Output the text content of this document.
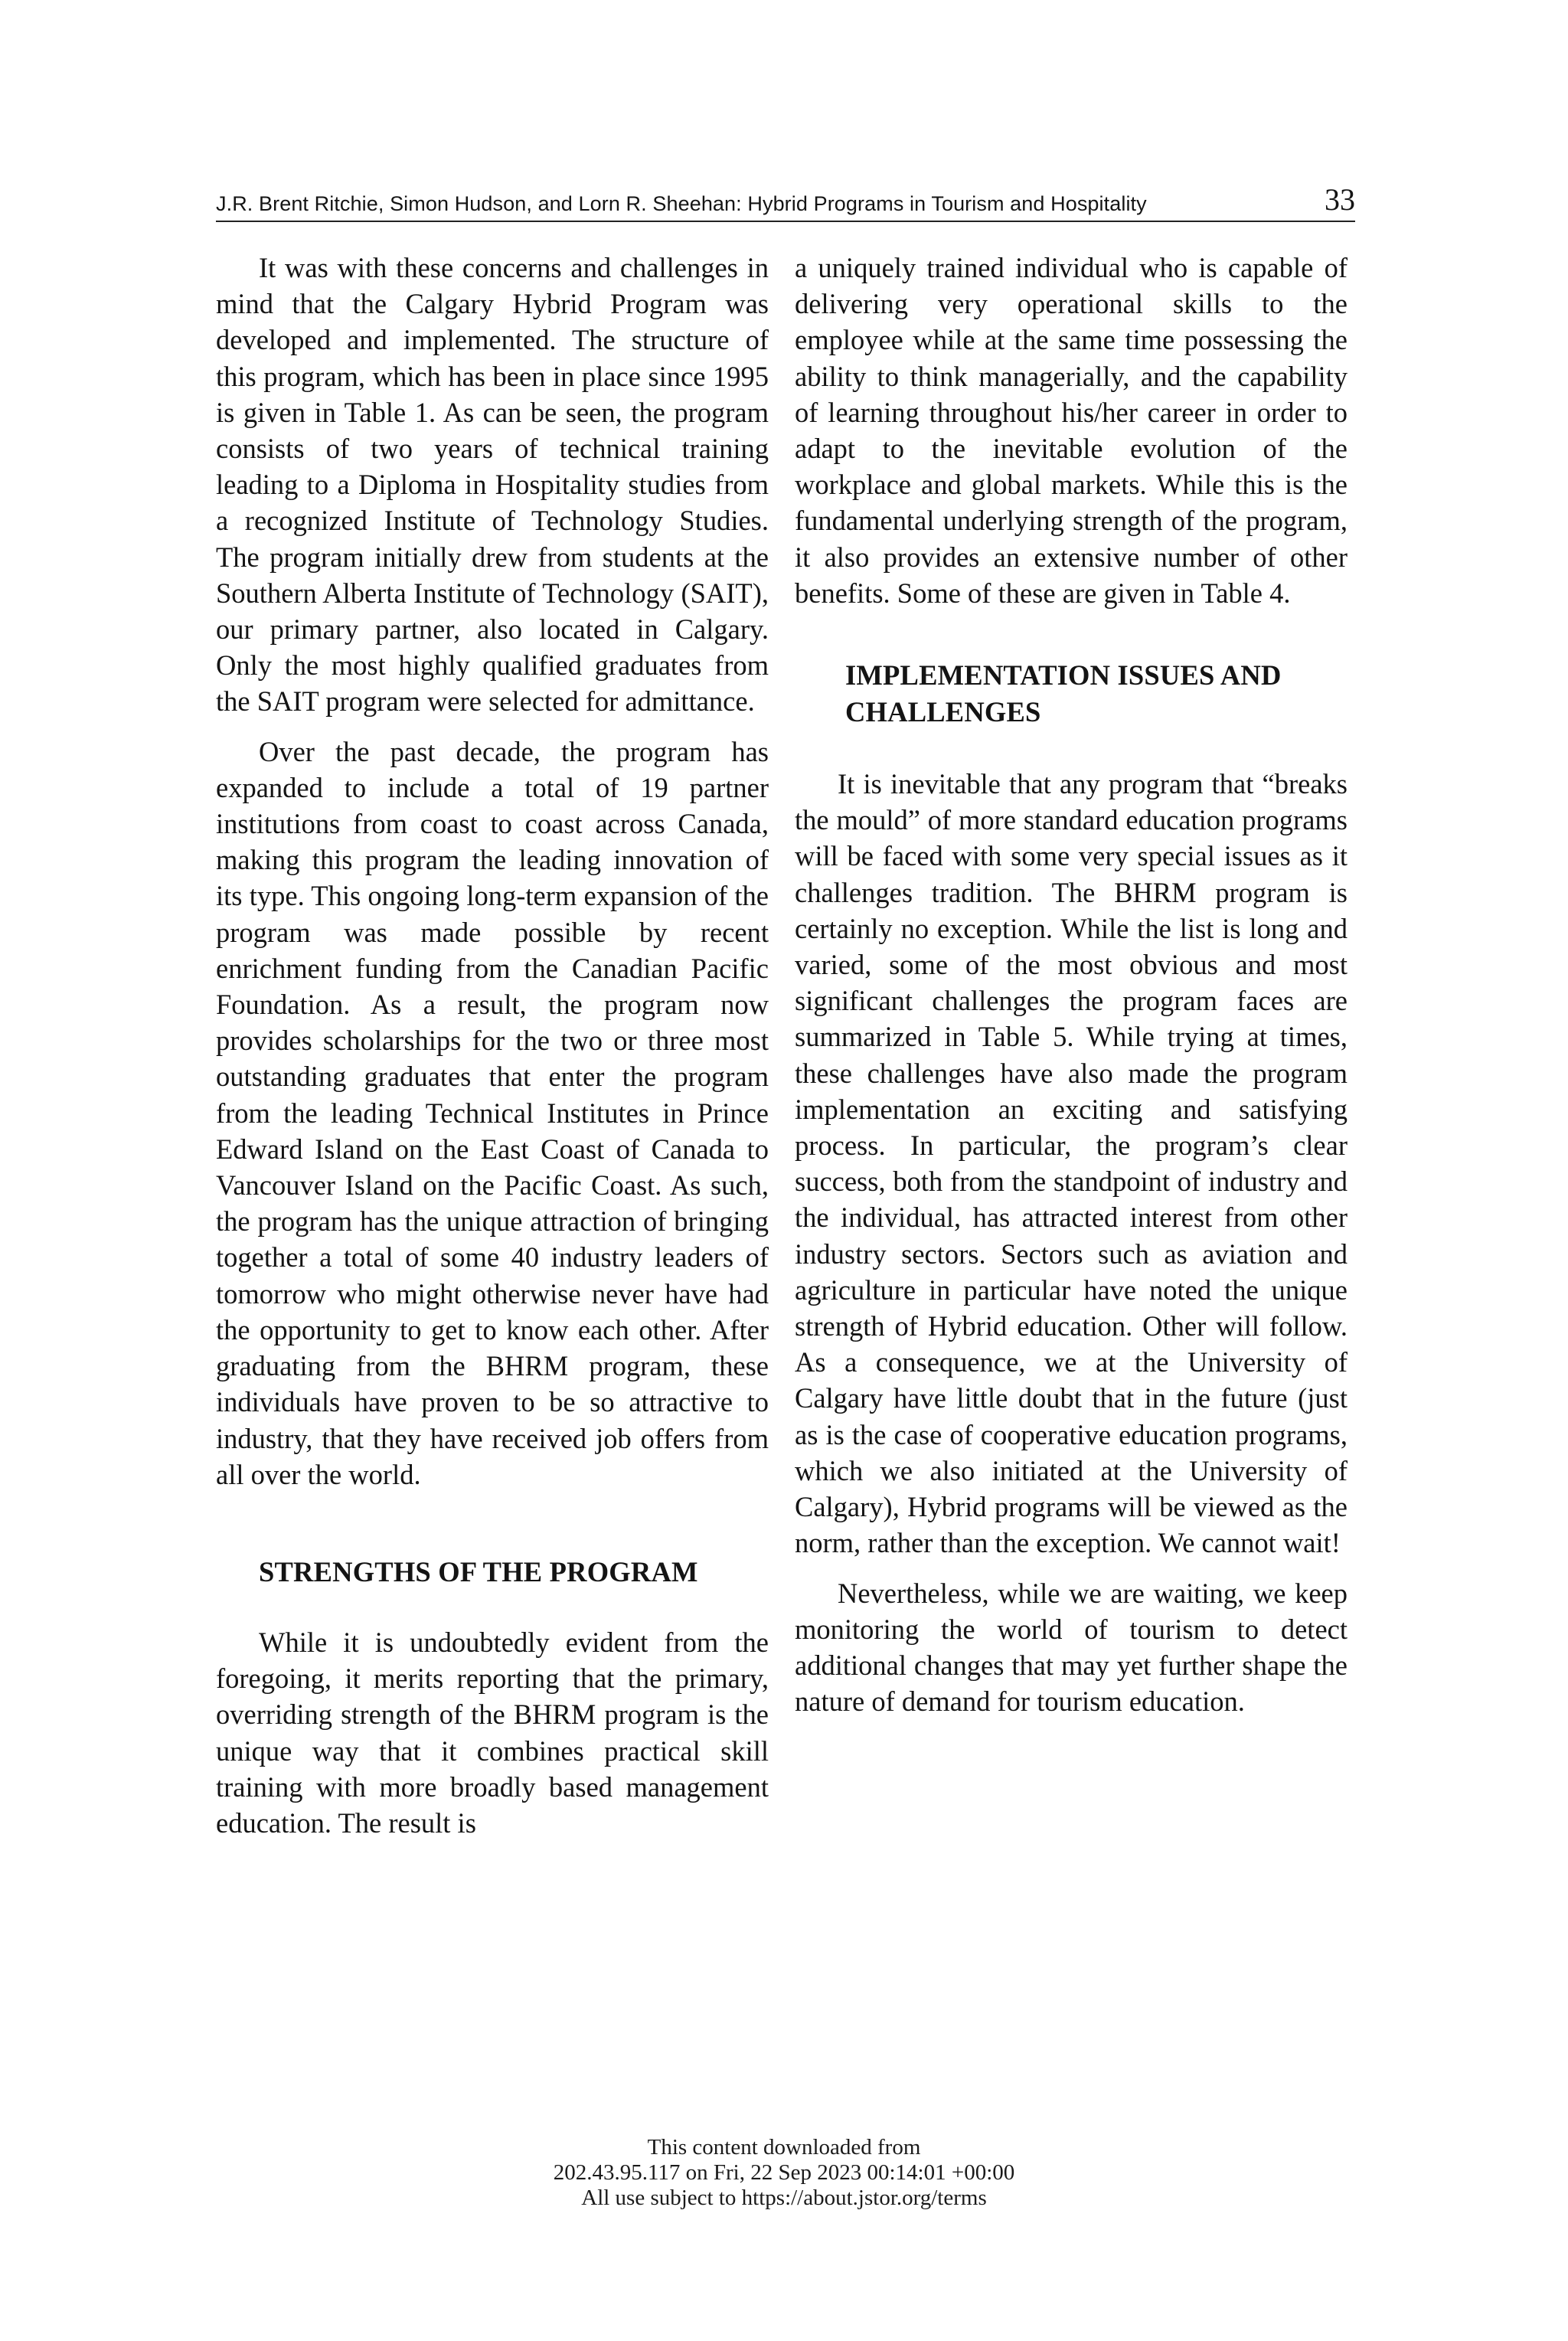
J.R. Brent Ritchie, Simon Hudson, and Lorn R. Sheehan: Hybrid Programs in Tourism and Hospitality	33

It was with these concerns and challenges in mind that the Calgary Hybrid Program was developed and implemented. The structure of this program, which has been in place since 1995 is given in Table 1. As can be seen, the program consists of two years of technical training leading to a Diploma in Hospitality studies from a recognized Institute of Technology Studies. The program initially drew from students at the Southern Alberta Institute of Technology (SAIT), our primary partner, also located in Calgary. Only the most highly qualified graduates from the SAIT program were selected for admittance.

Over the past decade, the program has expanded to include a total of 19 partner institutions from coast to coast across Canada, making this program the leading innovation of its type. This ongoing long-term expansion of the program was made possible by recent enrichment funding from the Canadian Pacific Foundation. As a result, the program now provides scholarships for the two or three most outstanding graduates that enter the program from the leading Technical Institutes in Prince Edward Island on the East Coast of Canada to Vancouver Island on the Pacific Coast. As such, the program has the unique attraction of bringing together a total of some 40 industry leaders of tomorrow who might otherwise never have had the opportunity to get to know each other. After graduating from the BHRM program, these individuals have proven to be so attractive to industry, that they have received job offers from all over the world.

STRENGTHS OF THE PROGRAM

While it is undoubtedly evident from the foregoing, it merits reporting that the primary, overriding strength of the BHRM program is the unique way that it combines practical skill training with more broadly based management education. The result is

a uniquely trained individual who is capable of delivering very operational skills to the employee while at the same time possessing the ability to think managerially, and the capability of learning throughout his/her career in order to adapt to the inevitable evolution of the workplace and global markets. While this is the fundamental underlying strength of the program, it also provides an extensive number of other benefits. Some of these are given in Table 4.

IMPLEMENTATION ISSUES AND CHALLENGES

It is inevitable that any program that “breaks the mould” of more standard education programs will be faced with some very special issues as it challenges tradition. The BHRM program is certainly no exception. While the list is long and varied, some of the most obvious and most significant challenges the program faces are summarized in Table 5. While trying at times, these challenges have also made the program implementation an exciting and satisfying process. In particular, the program’s clear success, both from the standpoint of industry and the individual, has attracted interest from other industry sectors. Sectors such as aviation and agriculture in particular have noted the unique strength of Hybrid education. Other will follow. As a consequence, we at the University of Calgary have little doubt that in the future (just as is the case of cooperative education programs, which we also initiated at the University of Calgary), Hybrid programs will be viewed as the norm, rather than the exception. We cannot wait!

Nevertheless, while we are waiting, we keep monitoring the world of tourism to detect additional changes that may yet further shape the nature of demand for tourism education.

This content downloaded from
202.43.95.117 on Fri, 22 Sep 2023 00:14:01 +00:00
All use subject to https://about.jstor.org/terms
